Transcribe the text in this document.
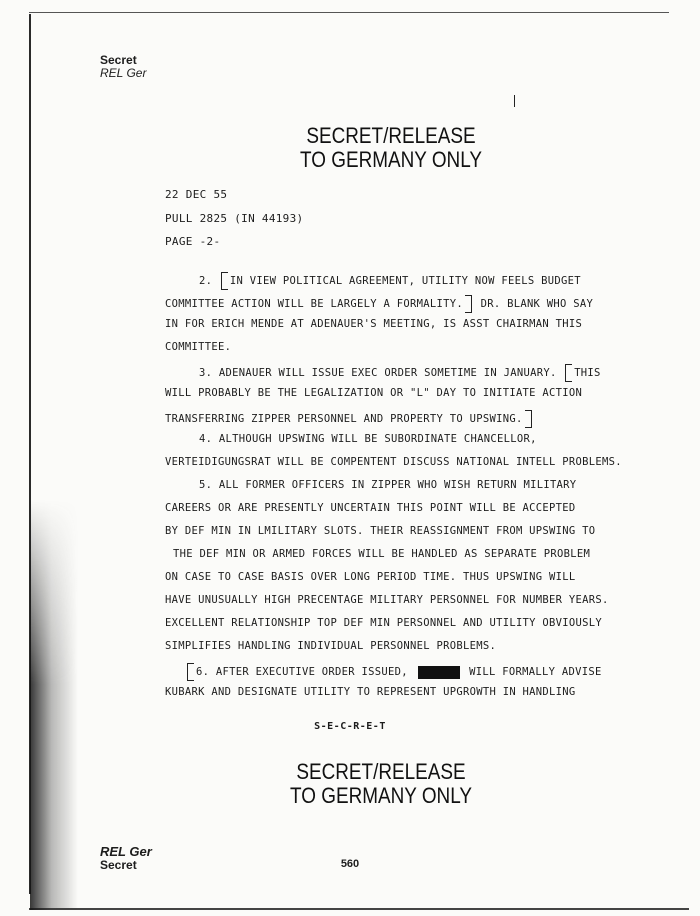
Secret
REL Ger
SECRET/RELEASE
TO GERMANY ONLY
22 DEC 55
PULL 2825 (IN 44193)
PAGE -2-
2. IN VIEW POLITICAL AGREEMENT, UTILITY NOW FEELS BUDGET
COMMITTEE ACTION WILL BE LARGELY A FORMALITY. DR. BLANK WHO SAY
IN FOR ERICH MENDE AT ADENAUER'S MEETING, IS ASST CHAIRMAN THIS
COMMITTEE.
3. ADENAUER WILL ISSUE EXEC ORDER SOMETIME IN JANUARY. THIS
WILL PROBABLY BE THE LEGALIZATION OR "L" DAY TO INITIATE ACTION
TRANSFERRING ZIPPER PERSONNEL AND PROPERTY TO UPSWING.
4. ALTHOUGH UPSWING WILL BE SUBORDINATE CHANCELLOR,
VERTEIDIGUNGSRAT WILL BE COMPENTENT DISCUSS NATIONAL INTELL PROBLEMS.
5. ALL FORMER OFFICERS IN ZIPPER WHO WISH RETURN MILITARY
CAREERS OR ARE PRESENTLY UNCERTAIN THIS POINT WILL BE ACCEPTED
BY DEF MIN IN LMILITARY SLOTS. THEIR REASSIGNMENT FROM UPSWING TO
THE DEF MIN OR ARMED FORCES WILL BE HANDLED AS SEPARATE PROBLEM
ON CASE TO CASE BASIS OVER LONG PERIOD TIME. THUS UPSWING WILL
HAVE UNUSUALLY HIGH PRECENTAGE MILITARY PERSONNEL FOR NUMBER YEARS.
EXCELLENT RELATIONSHIP TOP DEF MIN PERSONNEL AND UTILITY OBVIOUSLY
SIMPLIFIES HANDLING INDIVIDUAL PERSONNEL PROBLEMS.
6. AFTER EXECUTIVE ORDER ISSUED,	WILL FORMALLY ADVISE
KUBARK AND DESIGNATE UTILITY TO REPRESENT UPGROWTH IN HANDLING
S-E-C-R-E-T
SECRET/RELEASE
TO GERMANY ONLY
REL Ger
Secret	560
